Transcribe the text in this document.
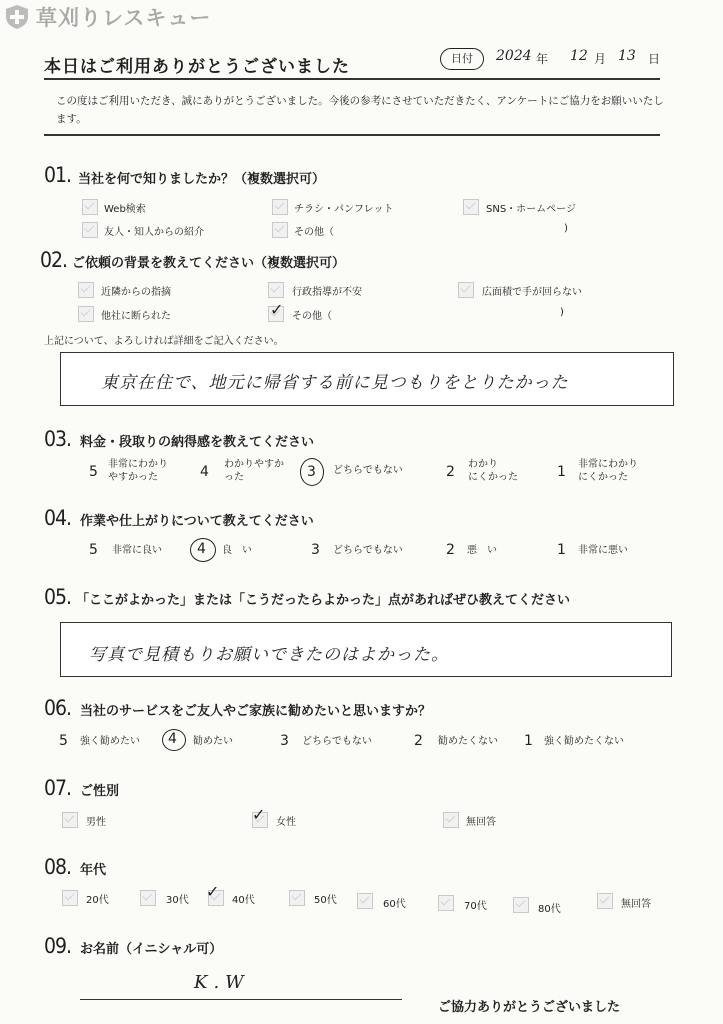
草刈りレスキュー
本日はご利用ありがとうございました	日付	2024 年 12 月 13 日
この度はご利用いただき、誠にありがとうございました。今後の参考にさせていただきたく、アンケートにご協力をお願いいたします。
01. 当社を何で知りましたか？（複数選択可）
Web検索	チラシ・パンフレット	SNS・ホームページ
友人・知人からの紹介	その他（	)
02. ご依頼の背景を教えてください（複数選択可）
近隣からの指摘	行政指導が不安	広面積で手が回らない
他社に断られた	✓ その他（	)
上記について、よろしければ詳細をご記入ください。
東京在住で、地元に帰省する前に見つもりをとりたかった
03. 料金・段取りの納得感を教えてください
5 非常にわかり
やすかった	4 わかりやすか
った	3 どちらでもない	2 わかり
にくかった	1 非常にわかり
にくかった
04. 作業や仕上がりについて教えてください
5 非常に良い	4 良　い	3 どちらでもない	2 悪　い	1 非常に悪い
05. 「ここがよかった」または「こうだったらよかった」点があればぜひ教えてください
写真で見積もりお願いできたのはよかった。
06. 当社のサービスをご友人やご家族に勧めたいと思いますか？
5 強く勧めたい 4 勧めたい	3 どちらでもない	2 勧めたくない 1 強く勧めたくない
07. ご性別
男性	✓ 女性	無回答
08. 年代
20代	30代 ✓ 40代	50代	60代	70代	80代	無回答
09. お名前（イニシャル可）
K.W
ご協力ありがとうございました
